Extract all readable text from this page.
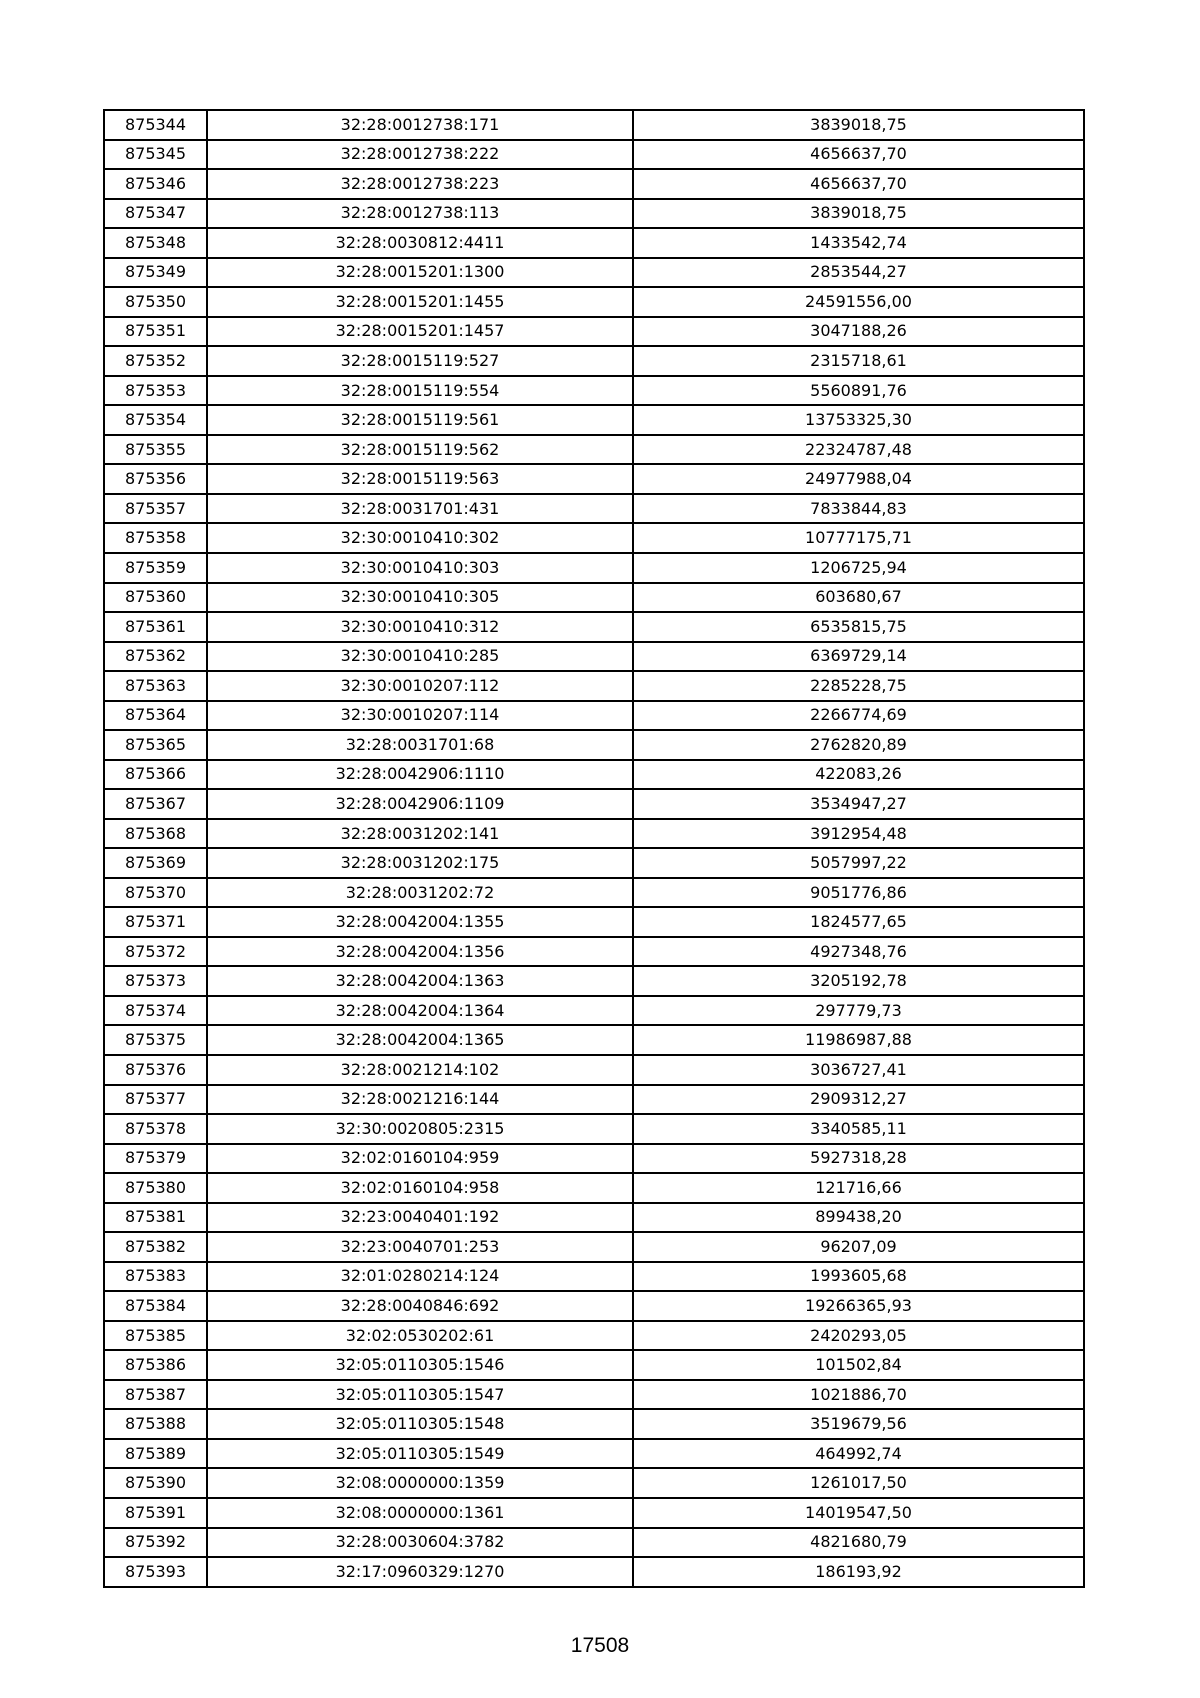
875344	32:28:0012738:171	3839018,75
875345	32:28:0012738:222	4656637,70
875346	32:28:0012738:223	4656637,70
875347	32:28:0012738:113	3839018,75
875348	32:28:0030812:4411	1433542,74
875349	32:28:0015201:1300	2853544,27
875350	32:28:0015201:1455	24591556,00
875351	32:28:0015201:1457	3047188,26
875352	32:28:0015119:527	2315718,61
875353	32:28:0015119:554	5560891,76
875354	32:28:0015119:561	13753325,30
875355	32:28:0015119:562	22324787,48
875356	32:28:0015119:563	24977988,04
875357	32:28:0031701:431	7833844,83
875358	32:30:0010410:302	10777175,71
875359	32:30:0010410:303	1206725,94
875360	32:30:0010410:305	603680,67
875361	32:30:0010410:312	6535815,75
875362	32:30:0010410:285	6369729,14
875363	32:30:0010207:112	2285228,75
875364	32:30:0010207:114	2266774,69
875365	32:28:0031701:68	2762820,89
875366	32:28:0042906:1110	422083,26
875367	32:28:0042906:1109	3534947,27
875368	32:28:0031202:141	3912954,48
875369	32:28:0031202:175	5057997,22
875370	32:28:0031202:72	9051776,86
875371	32:28:0042004:1355	1824577,65
875372	32:28:0042004:1356	4927348,76
875373	32:28:0042004:1363	3205192,78
875374	32:28:0042004:1364	297779,73
875375	32:28:0042004:1365	11986987,88
875376	32:28:0021214:102	3036727,41
875377	32:28:0021216:144	2909312,27
875378	32:30:0020805:2315	3340585,11
875379	32:02:0160104:959	5927318,28
875380	32:02:0160104:958	121716,66
875381	32:23:0040401:192	899438,20
875382	32:23:0040701:253	96207,09
875383	32:01:0280214:124	1993605,68
875384	32:28:0040846:692	19266365,93
875385	32:02:0530202:61	2420293,05
875386	32:05:0110305:1546	101502,84
875387	32:05:0110305:1547	1021886,70
875388	32:05:0110305:1548	3519679,56
875389	32:05:0110305:1549	464992,74
875390	32:08:0000000:1359	1261017,50
875391	32:08:0000000:1361	14019547,50
875392	32:28:0030604:3782	4821680,79
875393	32:17:0960329:1270	186193,92
17508
